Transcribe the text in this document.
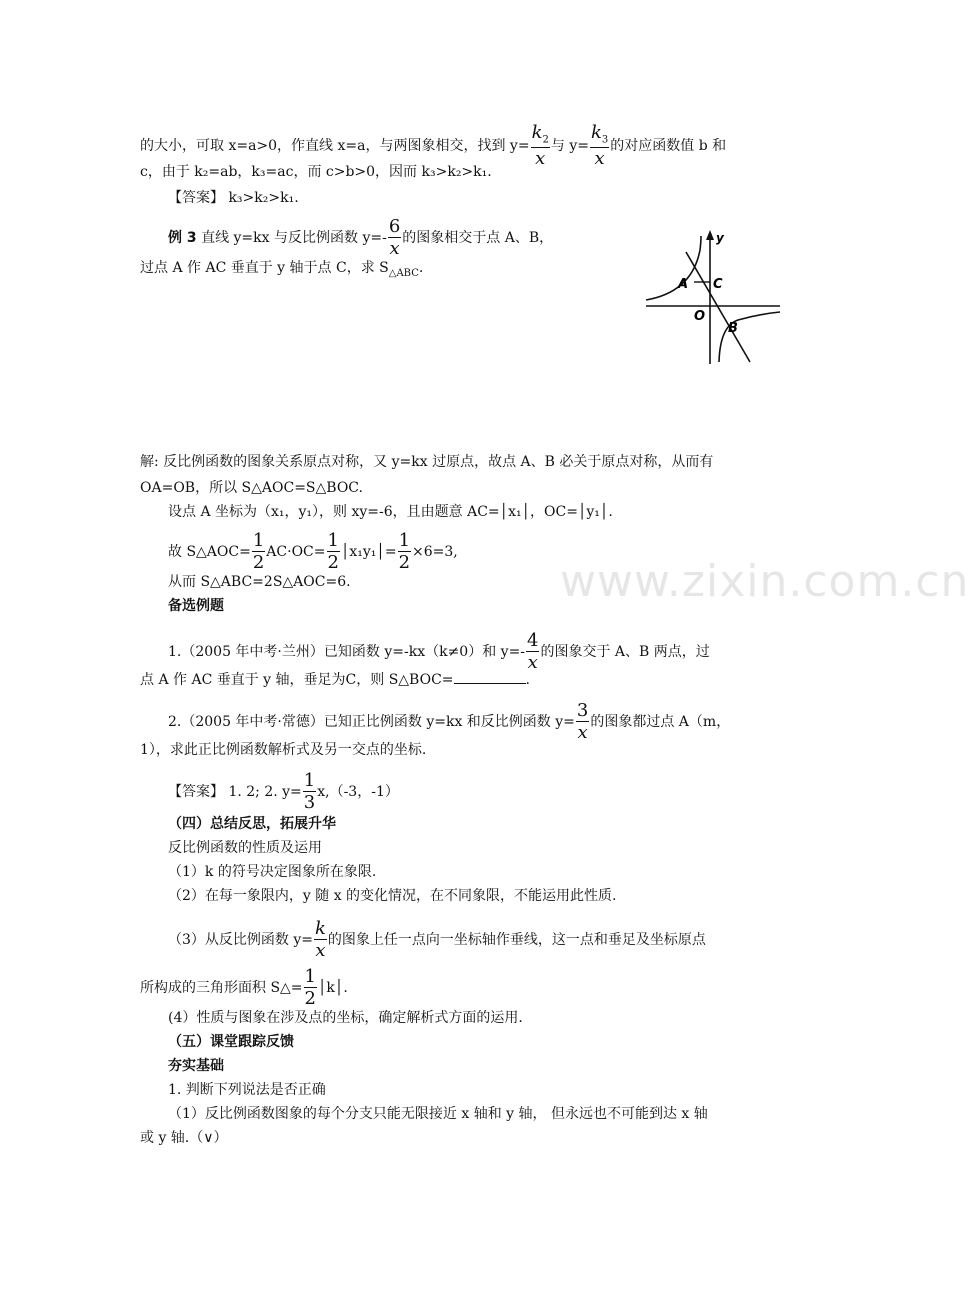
www.zixin.com.cn
的大小，可取 x=a>0，作直线 x=a，与两图象相交，找到 $y= \frac{k_2}{x}$ 与 $y= \frac{k_3}{x}$ 的对应函数值 b 和
c，由于 k₂=ab，k₃=ac，而 c>b>0，因而 k₃>k₂>k₁.
【答案】 k₃>k₂>k₁.
例 3 直线 y=kx 与反比例函数 $y=- \frac{6}{x}$ 的图象相交于点 A、B，
过点 A 作 AC 垂直于 y 轴于点 C，求 $S_{\triangle ABC}$.
y
A C
O
B
解: 反比例函数的图象关系原点对称，又 y=kx 过原点，故点 A、B 必关于原点对称，从而有
OA=OB，所以 S△AOC=S△BOC.
设点 A 坐标为（x₁，y₁），则 xy=-6，且由题意 AC=│x₁│，OC=│y₁│.
故 S△AOC= $\frac{1}{2} AC\cdot OC= \frac{1}{2}$ │x₁y₁│= $\frac{1}{2} \times 6=3$,
从而 S△ABC=2S△AOC=6.
备选例题
1.（2005 年中考·兰州）已知函数 y=-kx（k≠0）和 $y=- \frac{4}{x}$ 的图象交于 A、B 两点，过
点 A 作 AC 垂直于 y 轴，垂足为C，则 S△BOC=	.
2.（2005 年中考·常德）已知正比例函数 y=kx 和反比例函数 $y= \frac{3}{x}$ 的图象都过点 A（m，
1），求此正比例函数解析式及另一交点的坐标.
【答案】 1. 2; 2. $y= \frac{1}{3} x,(-3$，-1）
（四）总结反思，拓展升华
反比例函数的性质及运用
（1）k 的符号决定图象所在象限.
（2）在每一象限内，y 随 x 的变化情况，在不同象限，不能运用此性质.
（3）从反比例函数 $y= \frac{k}{x}$ 的图象上任一点向一坐标轴作垂线，这一点和垂足及坐标原点
所构成的三角形面积 S△= $\frac{1}{2}$ │k│.
(4）性质与图象在涉及点的坐标，确定解析式方面的运用.
（五）课堂跟踪反馈
夯实基础
1. 判断下列说法是否正确
（1）反比例函数图象的每个分支只能无限接近 x 轴和 y 轴， 但永远也不可能到达 x 轴
或 y 轴.（∨）
